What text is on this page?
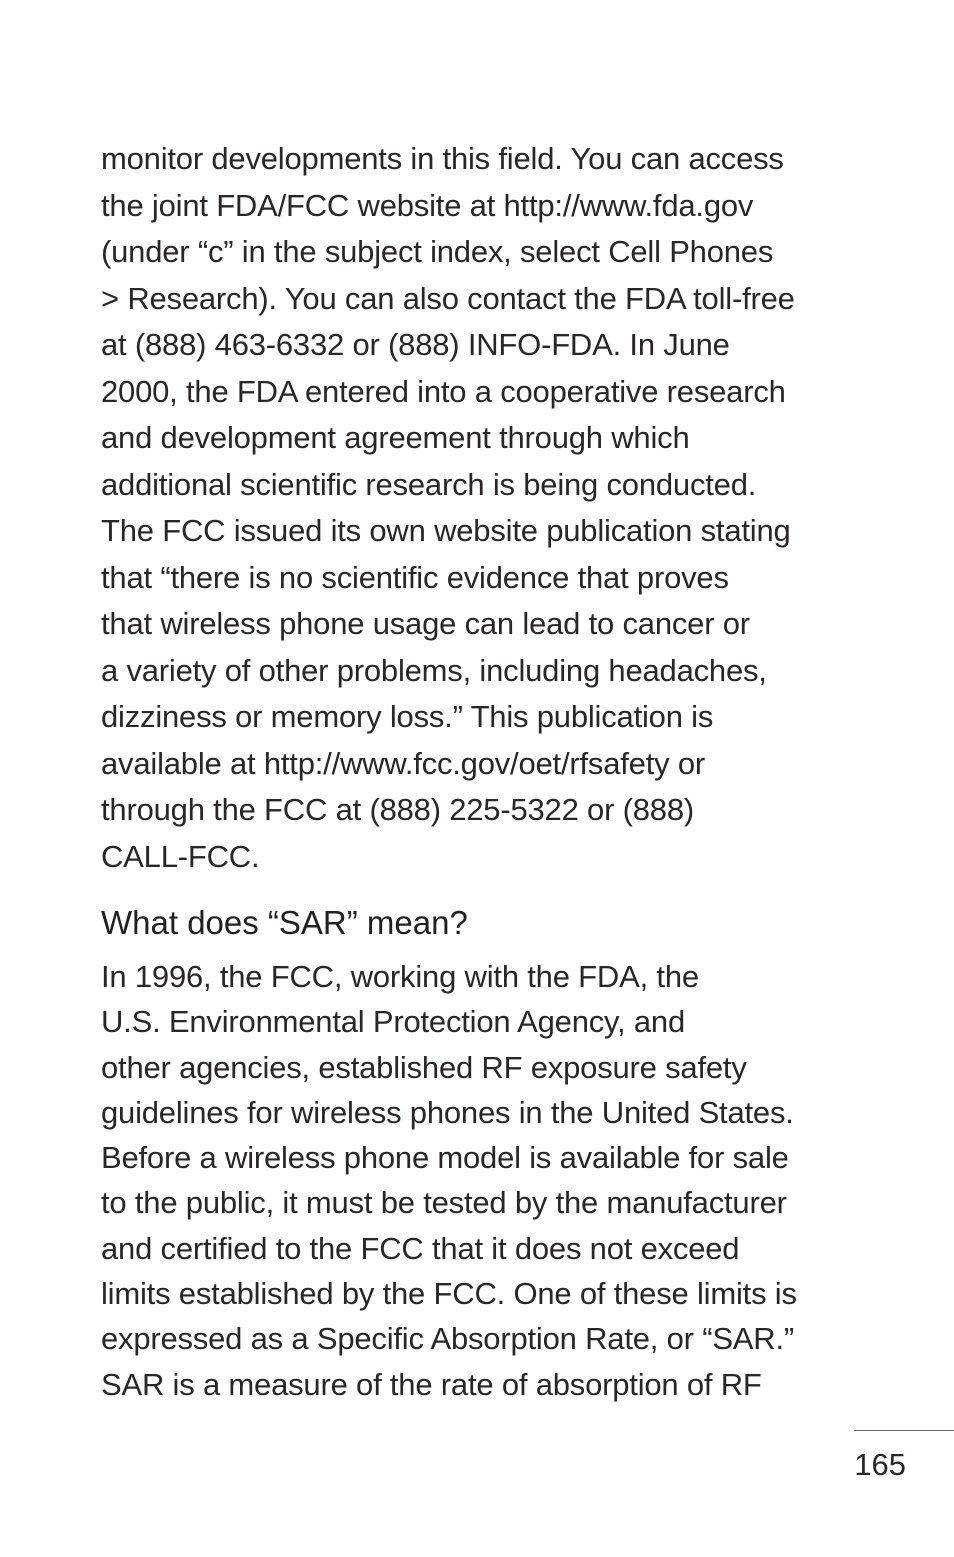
monitor developments in this field. You can access
the joint FDA/FCC website at http://www.fda.gov
(under “c” in the subject index, select Cell Phones
> Research). You can also contact the FDA toll-free
at (888) 463-6332 or (888) INFO-FDA. In June
2000, the FDA entered into a cooperative research
and development agreement through which
additional scientific research is being conducted.
The FCC issued its own website publication stating
that “there is no scientific evidence that proves
that wireless phone usage can lead to cancer or
a variety of other problems, including headaches,
dizziness or memory loss.” This publication is
available at http://www.fcc.gov/oet/rfsafety or
through the FCC at (888) 225-5322 or (888)
CALL-FCC.

What does “SAR” mean?

In 1996, the FCC, working with the FDA, the
U.S. Environmental Protection Agency, and
other agencies, established RF exposure safety
guidelines for wireless phones in the United States.
Before a wireless phone model is available for sale
to the public, it must be tested by the manufacturer
and certified to the FCC that it does not exceed
limits established by the FCC. One of these limits is
expressed as a Specific Absorption Rate, or “SAR.”
SAR is a measure of the rate of absorption of RF

165
